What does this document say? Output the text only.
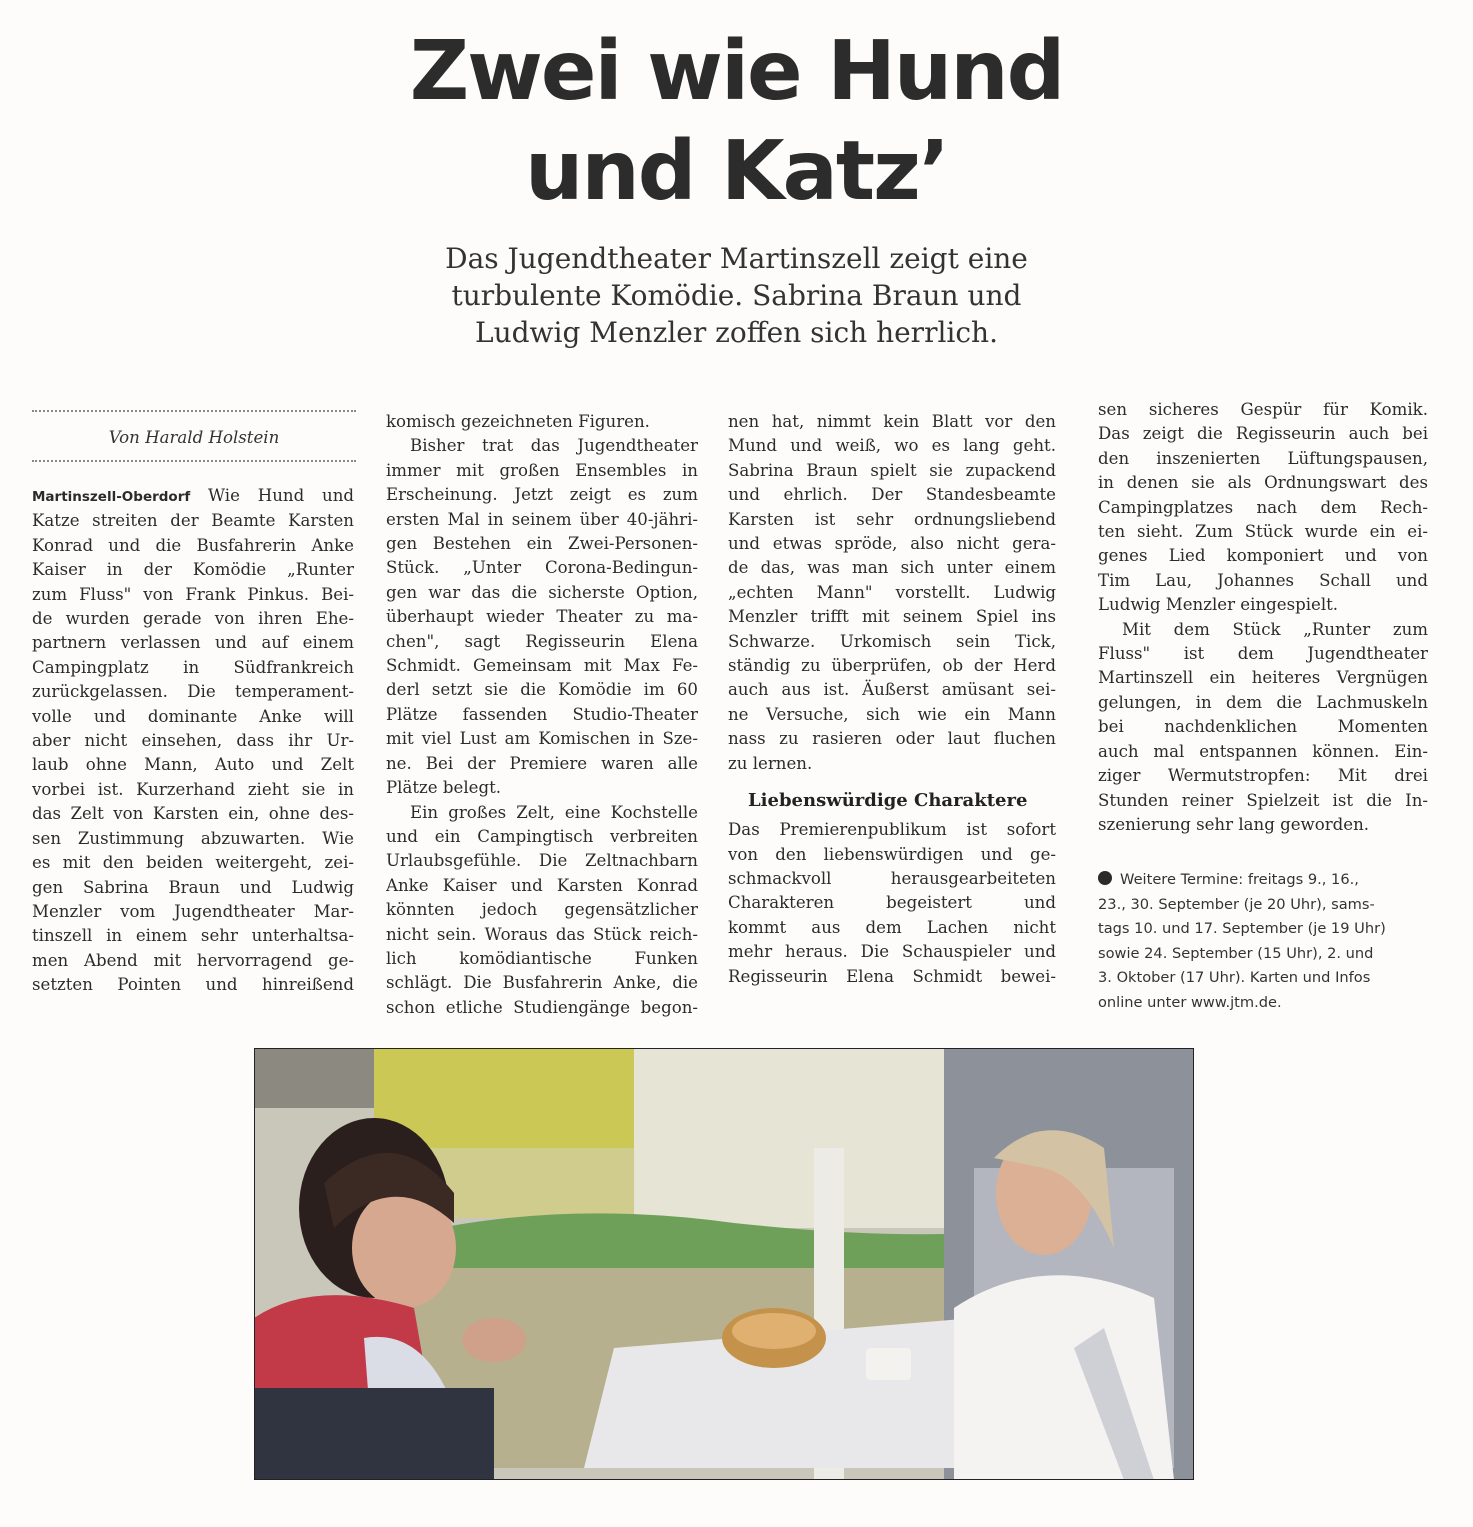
Zwei wie Hund
und Katz’

Das Jugendtheater Martinszell zeigt eine
turbulente Komödie. Sabrina Braun und
Ludwig Menzler zoffen sich herrlich.

Von Harald Holstein
Martinszell-Oberdorf Wie Hund und
Katze streiten der Beamte Karsten
Konrad und die Busfahrerin Anke
Kaiser in der Komödie „Runter
zum Fluss" von Frank Pinkus. Bei-
de wurden gerade von ihren Ehe-
partnern verlassen und auf einem
Campingplatz in Südfrankreich
zurückgelassen. Die temperament-
volle und dominante Anke will
aber nicht einsehen, dass ihr Ur-
laub ohne Mann, Auto und Zelt
vorbei ist. Kurzerhand zieht sie in
das Zelt von Karsten ein, ohne des-
sen Zustimmung abzuwarten. Wie
es mit den beiden weitergeht, zei-
gen Sabrina Braun und Ludwig
Menzler vom Jugendtheater Mar-
tinszell in einem sehr unterhaltsa-
men Abend mit hervorragend ge-
setzten Pointen und hinreißend
komisch gezeichneten Figuren.
Bisher trat das Jugendtheater
immer mit großen Ensembles in
Erscheinung. Jetzt zeigt es zum
ersten Mal in seinem über 40-jähri-
gen Bestehen ein Zwei-Personen-
Stück. „Unter Corona-Bedingun-
gen war das die sicherste Option,
überhaupt wieder Theater zu ma-
chen", sagt Regisseurin Elena
Schmidt. Gemeinsam mit Max Fe-
derl setzt sie die Komödie im 60
Plätze fassenden Studio-Theater
mit viel Lust am Komischen in Sze-
ne. Bei der Premiere waren alle
Plätze belegt.
Ein großes Zelt, eine Kochstelle
und ein Campingtisch verbreiten
Urlaubsgefühle. Die Zeltnachbarn
Anke Kaiser und Karsten Konrad
könnten jedoch gegensätzlicher
nicht sein. Woraus das Stück reich-
lich komödiantische Funken
schlägt. Die Busfahrerin Anke, die
schon etliche Studiengänge begon-
nen hat, nimmt kein Blatt vor den
Mund und weiß, wo es lang geht.
Sabrina Braun spielt sie zupackend
und ehrlich. Der Standesbeamte
Karsten ist sehr ordnungsliebend
und etwas spröde, also nicht gera-
de das, was man sich unter einem
„echten Mann" vorstellt. Ludwig
Menzler trifft mit seinem Spiel ins
Schwarze. Urkomisch sein Tick,
ständig zu überprüfen, ob der Herd
auch aus ist. Äußerst amüsant sei-
ne Versuche, sich wie ein Mann
nass zu rasieren oder laut fluchen
zu lernen.
Liebenswürdige Charaktere
Das Premierenpublikum ist sofort
von den liebenswürdigen und ge-
schmackvoll herausgearbeiteten
Charakteren begeistert und
kommt aus dem Lachen nicht
mehr heraus. Die Schauspieler und
Regisseurin Elena Schmidt bewei-
sen sicheres Gespür für Komik.
Das zeigt die Regisseurin auch bei
den inszenierten Lüftungspausen,
in denen sie als Ordnungswart des
Campingplatzes nach dem Rech-
ten sieht. Zum Stück wurde ein ei-
genes Lied komponiert und von
Tim Lau, Johannes Schall und
Ludwig Menzler eingespielt.
Mit dem Stück „Runter zum
Fluss" ist dem Jugendtheater
Martinszell ein heiteres Vergnügen
gelungen, in dem die Lachmuskeln
bei nachdenklichen Momenten
auch mal entspannen können. Ein-
ziger Wermutstropfen: Mit drei
Stunden reiner Spielzeit ist die In-
szenierung sehr lang geworden.
Weitere Termine: freitags 9., 16.,
23., 30. September (je 20 Uhr), sams-
tags 10. und 17. September (je 19 Uhr)
sowie 24. September (15 Uhr), 2. und
3. Oktober (17 Uhr). Karten und Infos
online unter www.jtm.de.
